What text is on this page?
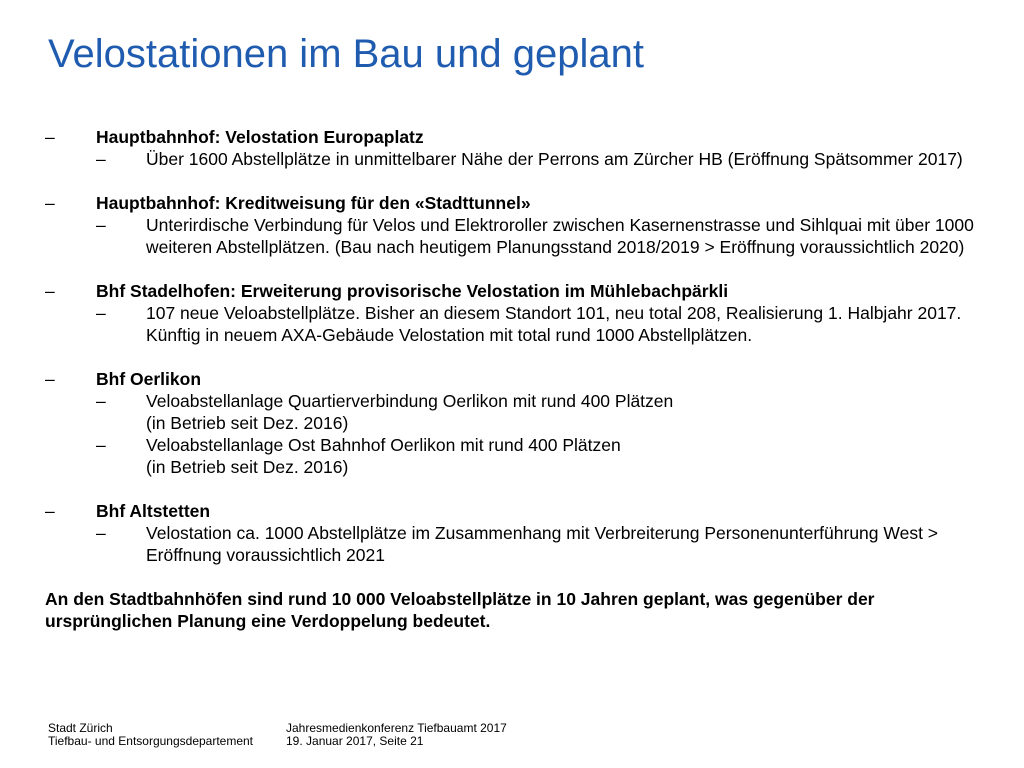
Velostationen im Bau und geplant
–	Hauptbahnhof: Velostation Europaplatz
–	Über 1600 Abstellplätze in unmittelbarer Nähe der Perrons am Zürcher HB (Eröffnung Spätsommer 2017)
–	Hauptbahnhof: Kreditweisung für den «Stadttunnel»
–	Unterirdische Verbindung für Velos und Elektroroller zwischen Kasernenstrasse und Sihlquai mit über 1000 weiteren Abstellplätzen. (Bau nach heutigem Planungsstand 2018/2019 > Eröffnung voraussichtlich 2020)
–	Bhf Stadelhofen: Erweiterung provisorische Velostation im Mühlebachpärkli
–	107 neue Veloabstellplätze. Bisher an diesem Standort 101, neu total 208, Realisierung 1. Halbjahr 2017. Künftig in neuem AXA-Gebäude Velostation mit total rund 1000 Abstellplätzen.
–	Bhf Oerlikon
–	Veloabstellanlage Quartierverbindung Oerlikon mit rund 400 Plätzen
(in Betrieb seit Dez. 2016)
–	Veloabstellanlage Ost Bahnhof Oerlikon mit rund 400 Plätzen
(in Betrieb seit Dez. 2016)
–	Bhf Altstetten
–	Velostation ca. 1000 Abstellplätze im Zusammenhang mit Verbreiterung Personenunterführung West > Eröffnung voraussichtlich 2021
An den Stadtbahnhöfen sind rund 10 000 Veloabstellplätze in 10 Jahren geplant, was gegenüber der ursprünglichen Planung eine Verdoppelung bedeutet.
Stadt Zürich
Tiefbau- und Entsorgungsdepartement
Jahresmedienkonferenz Tiefbauamt 2017
19. Januar 2017, Seite 21
